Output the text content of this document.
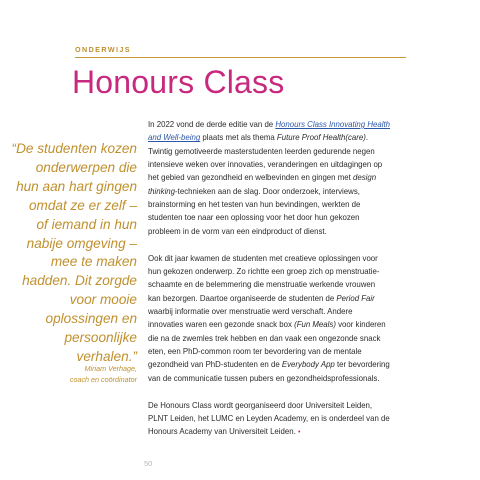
ONDERWIJS
Honours Class
“De studenten kozen
onderwerpen die
hun aan hart gingen
omdat ze er zelf –
of iemand in hun
nabije omgeving –
mee te maken
hadden. Dit zorgde
voor mooie
oplossingen en
persoonlijke
verhalen.”
Miriam Verhage,
coach en coördinator
In 2022 vond de derde editie van de Honours Class Innovating Health
and Well-being plaats met als thema Future Proof Health(care).
Twintig gemotiveerde masterstudenten leerden gedurende negen
intensieve weken over innovaties, veranderingen en uitdagingen op
het gebied van gezondheid en welbevinden en gingen met design
thinking-technieken aan de slag. Door onderzoek, interviews,
brainstorming en het testen van hun bevindingen, werkten de
studenten toe naar een oplossing voor het door hun gekozen
probleem in de vorm van een eindproduct of dienst.
Ook dit jaar kwamen de studenten met creatieve oplossingen voor
hun gekozen onderwerp. Zo richtte een groep zich op menstruatie-
schaamte en de belemmering die menstruatie werkende vrouwen
kan bezorgen. Daartoe organiseerde de studenten de Period Fair
waarbij informatie over menstruatie werd verschaft. Andere
innovaties waren een gezonde snack box (Fun Meals) voor kinderen
die na de zwemles trek hebben en dan vaak een ongezonde snack
eten, een PhD-common room ter bevordering van de mentale
gezondheid van PhD-studenten en de Everybody App ter bevordering
van de communicatie tussen pubers en gezondheidsprofessionals.
De Honours Class wordt georganiseerd door Universiteit Leiden,
PLNT Leiden, het LUMC en Leyden Academy, en is onderdeel van de
Honours Academy van Universiteit Leiden. •
50
